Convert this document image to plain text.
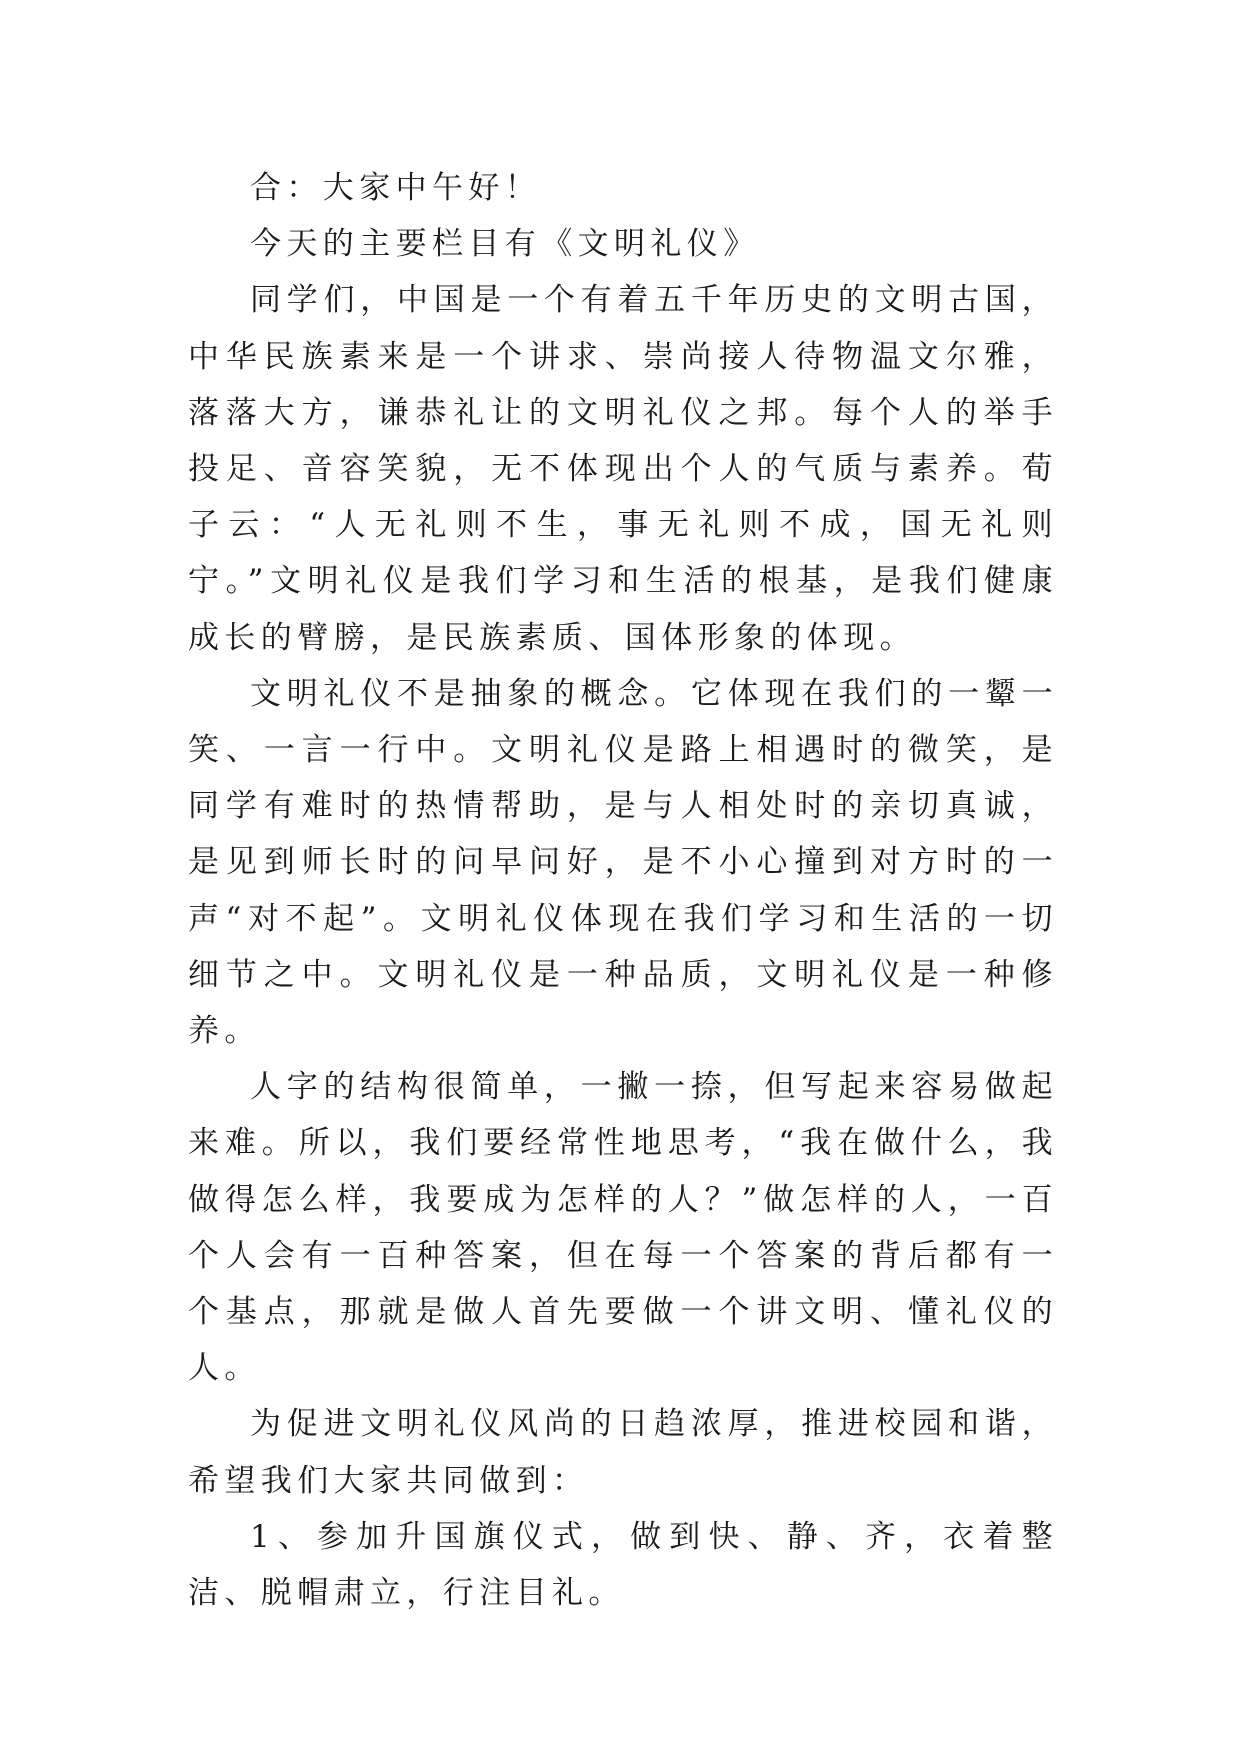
合：大家中午好！

今天的主要栏目有《文明礼仪》

同学们，中国是一个有着五千年历史的文明古国，中华民族素来是一个讲求、崇尚接人待物温文尔雅，落落大方，谦恭礼让的文明礼仪之邦。每个人的举手投足、音容笑貌，无不体现出个人的气质与素养。荀子云：“人无礼则不生，事无礼则不成，国无礼则宁。”文明礼仪是我们学习和生活的根基，是我们健康成长的臂膀，是民族素质、国体形象的体现。

文明礼仪不是抽象的概念。它体现在我们的一颦一笑、一言一行中。文明礼仪是路上相遇时的微笑，是同学有难时的热情帮助，是与人相处时的亲切真诚，是见到师长时的问早问好，是不小心撞到对方时的一声“对不起”。文明礼仪体现在我们学习和生活的一切细节之中。文明礼仪是一种品质，文明礼仪是一种修养。

人字的结构很简单，一撇一捺，但写起来容易做起来难。所以，我们要经常性地思考，“我在做什么，我做得怎么样，我要成为怎样的人？”做怎样的人，一百个人会有一百种答案，但在每一个答案的背后都有一个基点，那就是做人首先要做一个讲文明、懂礼仪的人。

为促进文明礼仪风尚的日趋浓厚，推进校园和谐，希望我们大家共同做到：

1、参加升国旗仪式，做到快、静、齐，衣着整洁、脱帽肃立，行注目礼。
